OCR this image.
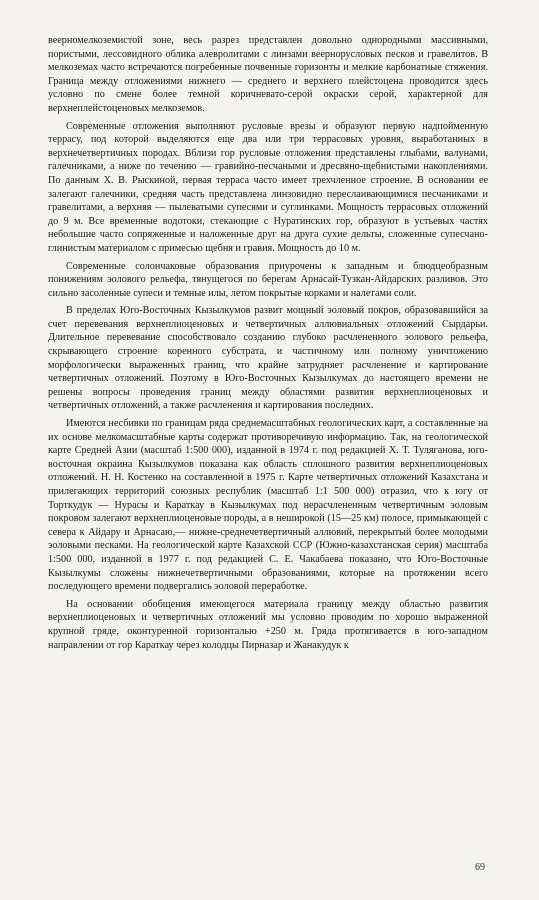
веерномелкоземистой зоне, весь разрез представлен довольно однородными массивными, пористыми, лессовидного облика алевролитами с линзами веернорусловых песков и гравелитов. В мелкоземах часто встречаются погребенные почвенные горизонты и мелкие карбонатные стяжения. Граница между отложениями нижнего — среднего и верхнего плейстоцена проводится здесь условно по смене более темной коричневато-серой окраски серой, характерной для верхнеплейстоценовых мелкоземов.

Современные отложения выполняют русловые врезы и образуют первую надпойменную террасу, под которой выделяются еще два или три террасовых уровня, выработанных в верхнечетвертичных породах. Вблизи гор русловые отложения представлены глыбами, валунами, галечниками, а ниже по течению — гравийно-песчаными и дресвяно-щебнистыми накоплениями. По данным Х. В. Рыскиной, первая терраса часто имеет трехчленное строение. В основании ее залегают галечники, средняя часть представлена линзовидно переслаивающимися песчаниками и гравелитами, а верхняя — пылеватыми супесями и суглинками. Мощность террасовых отложений до 9 м. Все временные водотоки, стекающие с Нуратинских гор, образуют в устьевых частях небольшие часто сопряженные и наложенные друг на друга сухие дельты, сложенные супесчано-глинистым материалом с примесью щебня и гравия. Мощность до 10 м.

Современные солончаковые образования приурочены к западным и блюдцеобразным понижениям эолового рельефа, тянущегося по берегам Арнасай-Тузкан-Айдарских разливов. Это сильно засоленные супеси и темные илы, летом покрытые корками и налетами соли.

В пределах Юго-Восточных Кызылкумов развит мощный эоловый покров, образовавшийся за счет перевевания верхнеплиоценовых и четвертичных аллювиальных отложений Сырдарьи. Длительное перевевание способствовало созданию глубоко расчлененного эолового рельефа, скрывающего строение коренного субстрата, и частичному или полному уничтожению морфологически выраженных границ, что крайне затрудняет расчленение и картирование четвертичных отложений. Поэтому в Юго-Восточных Кызылкумах до настоящего времени не решены вопросы проведения границ между областями развития верхнеплиоценовых и четвертичных отложений, а также расчленения и картирования последних.

Имеются несбивки по границам ряда среднемасштабных геологических карт, а составленные на их основе мелкомасштабные карты содержат противоречивую информацию. Так, на геологической карте Средней Азии (масштаб 1:500 000), изданной в 1974 г. под редакцией Х. Т. Туляганова, юго-восточная окраина Кызылкумов показана как область сплошного развития верхнеплиоценовых отложений. Н. Н. Костенко на составленной в 1975 г. Карте четвертичных отложений Казахстана и прилегающих территорий союзных республик (масштаб 1:1 500 000) отразил, что к югу от Торткудук — Нурасы и Караткау в Кызылкумах под нерасчлененным четвертичным эоловым покровом залегают верхнеплиоценовые породы, а в неширокой (15—25 км) полосе, примыкающей с севера к Айдару и Арнасаю,— нижне-среднечетвертичный аллювий, перекрытый более молодыми эоловыми песками. На геологической карте Казахской ССР (Южно-казахстанская серия) масштаба 1:500 000, изданной в 1977 г. под редакцией С. Е. Чакабаева показано, что Юго-Восточные Кызылкумы сложены нижнечетвертичными образованиями, которые на протяжении всего последующего времени подвергались эоловой переработке.

На основании обобщения имеющегося материала границу между областью развития верхнеплиоценовых и четвертичных отложений мы условно проводим по хорошо выраженной крупной гряде, оконтуренной горизонталью +250 м. Гряда протягивается в юго-западном направлении от гор Караткау через колодцы Пирназар и Жанакудук к

69
